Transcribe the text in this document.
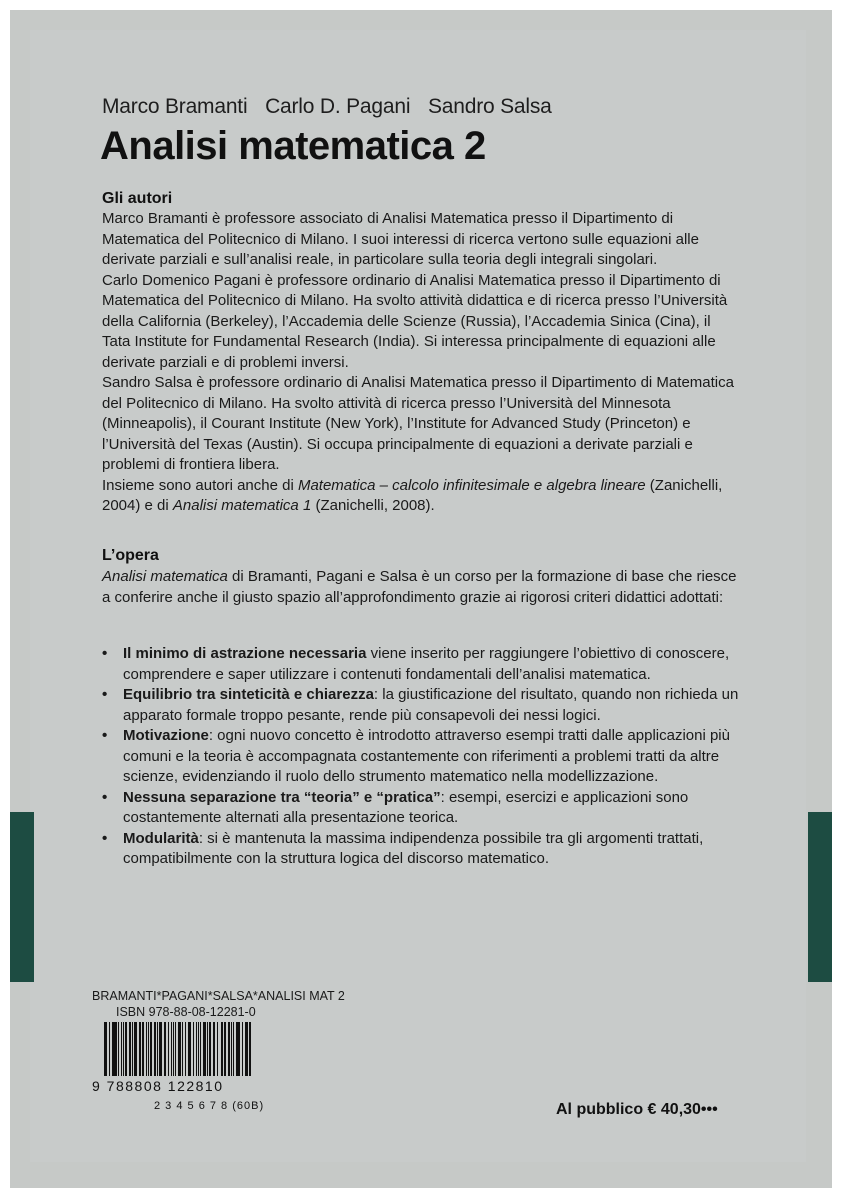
Marco Bramanti Carlo D. Pagani Sandro Salsa
Analisi matematica 2
Gli autori

Marco Bramanti è professore associato di Analisi Matematica presso il Dipartimento di Matematica del Politecnico di Milano. I suoi interessi di ricerca vertono sulle equazioni alle derivate parziali e sull’analisi reale, in particolare sulla teoria degli integrali singolari.

Carlo Domenico Pagani è professore ordinario di Analisi Matematica presso il Dipartimento di Matematica del Politecnico di Milano. Ha svolto attività didattica e di ricerca presso l’Università della California (Berkeley), l’Accademia delle Scienze (Russia), l’Accademia Sinica (Cina), il Tata Institute for Fundamental Research (India). Si interessa principalmente di equazioni alle derivate parziali e di problemi inversi.

Sandro Salsa è professore ordinario di Analisi Matematica presso il Dipartimento di Matematica del Politecnico di Milano. Ha svolto attività di ricerca presso l’Università del Minnesota (Minneapolis), il Courant Institute (New York), l’Institute for Advanced Study (Princeton) e l’Università del Texas (Austin). Si occupa principalmente di equazioni a derivate parziali e problemi di frontiera libera.

Insieme sono autori anche di Matematica – calcolo infinitesimale e algebra lineare (Zanichelli, 2004) e di Analisi matematica 1 (Zanichelli, 2008).

L’opera

Analisi matematica di Bramanti, Pagani e Salsa è un corso per la formazione di base che riesce a conferire anche il giusto spazio all’approfondimento grazie ai rigorosi criteri didattici adottati:

• Il minimo di astrazione necessaria viene inserito per raggiungere l’obiettivo di conoscere, comprendere e saper utilizzare i contenuti fondamentali dell’analisi matematica.
• Equilibrio tra sinteticità e chiarezza: la giustificazione del risultato, quando non richieda un apparato formale troppo pesante, rende più consapevoli dei nessi logici.
• Motivazione: ogni nuovo concetto è introdotto attraverso esempi tratti dalle applicazioni più comuni e la teoria è accompagnata costantemente con riferimenti a problemi tratti da altre scienze, evidenziando il ruolo dello strumento matematico nella modellizzazione.
• Nessuna separazione tra “teoria” e “pratica”: esempi, esercizi e applicazioni sono costantemente alternati alla presentazione teorica.
• Modularità: si è mantenuta la massima indipendenza possibile tra gli argomenti trattati, compatibilmente con la struttura logica del discorso matematico.
BRAMANTI*PAGANI*SALSA*ANALISI MAT 2
ISBN 978-88-08-12281-0
9 788808 122810
2 3 4 5 6 7 8 (60B)	Al pubblico € 40,30•••
